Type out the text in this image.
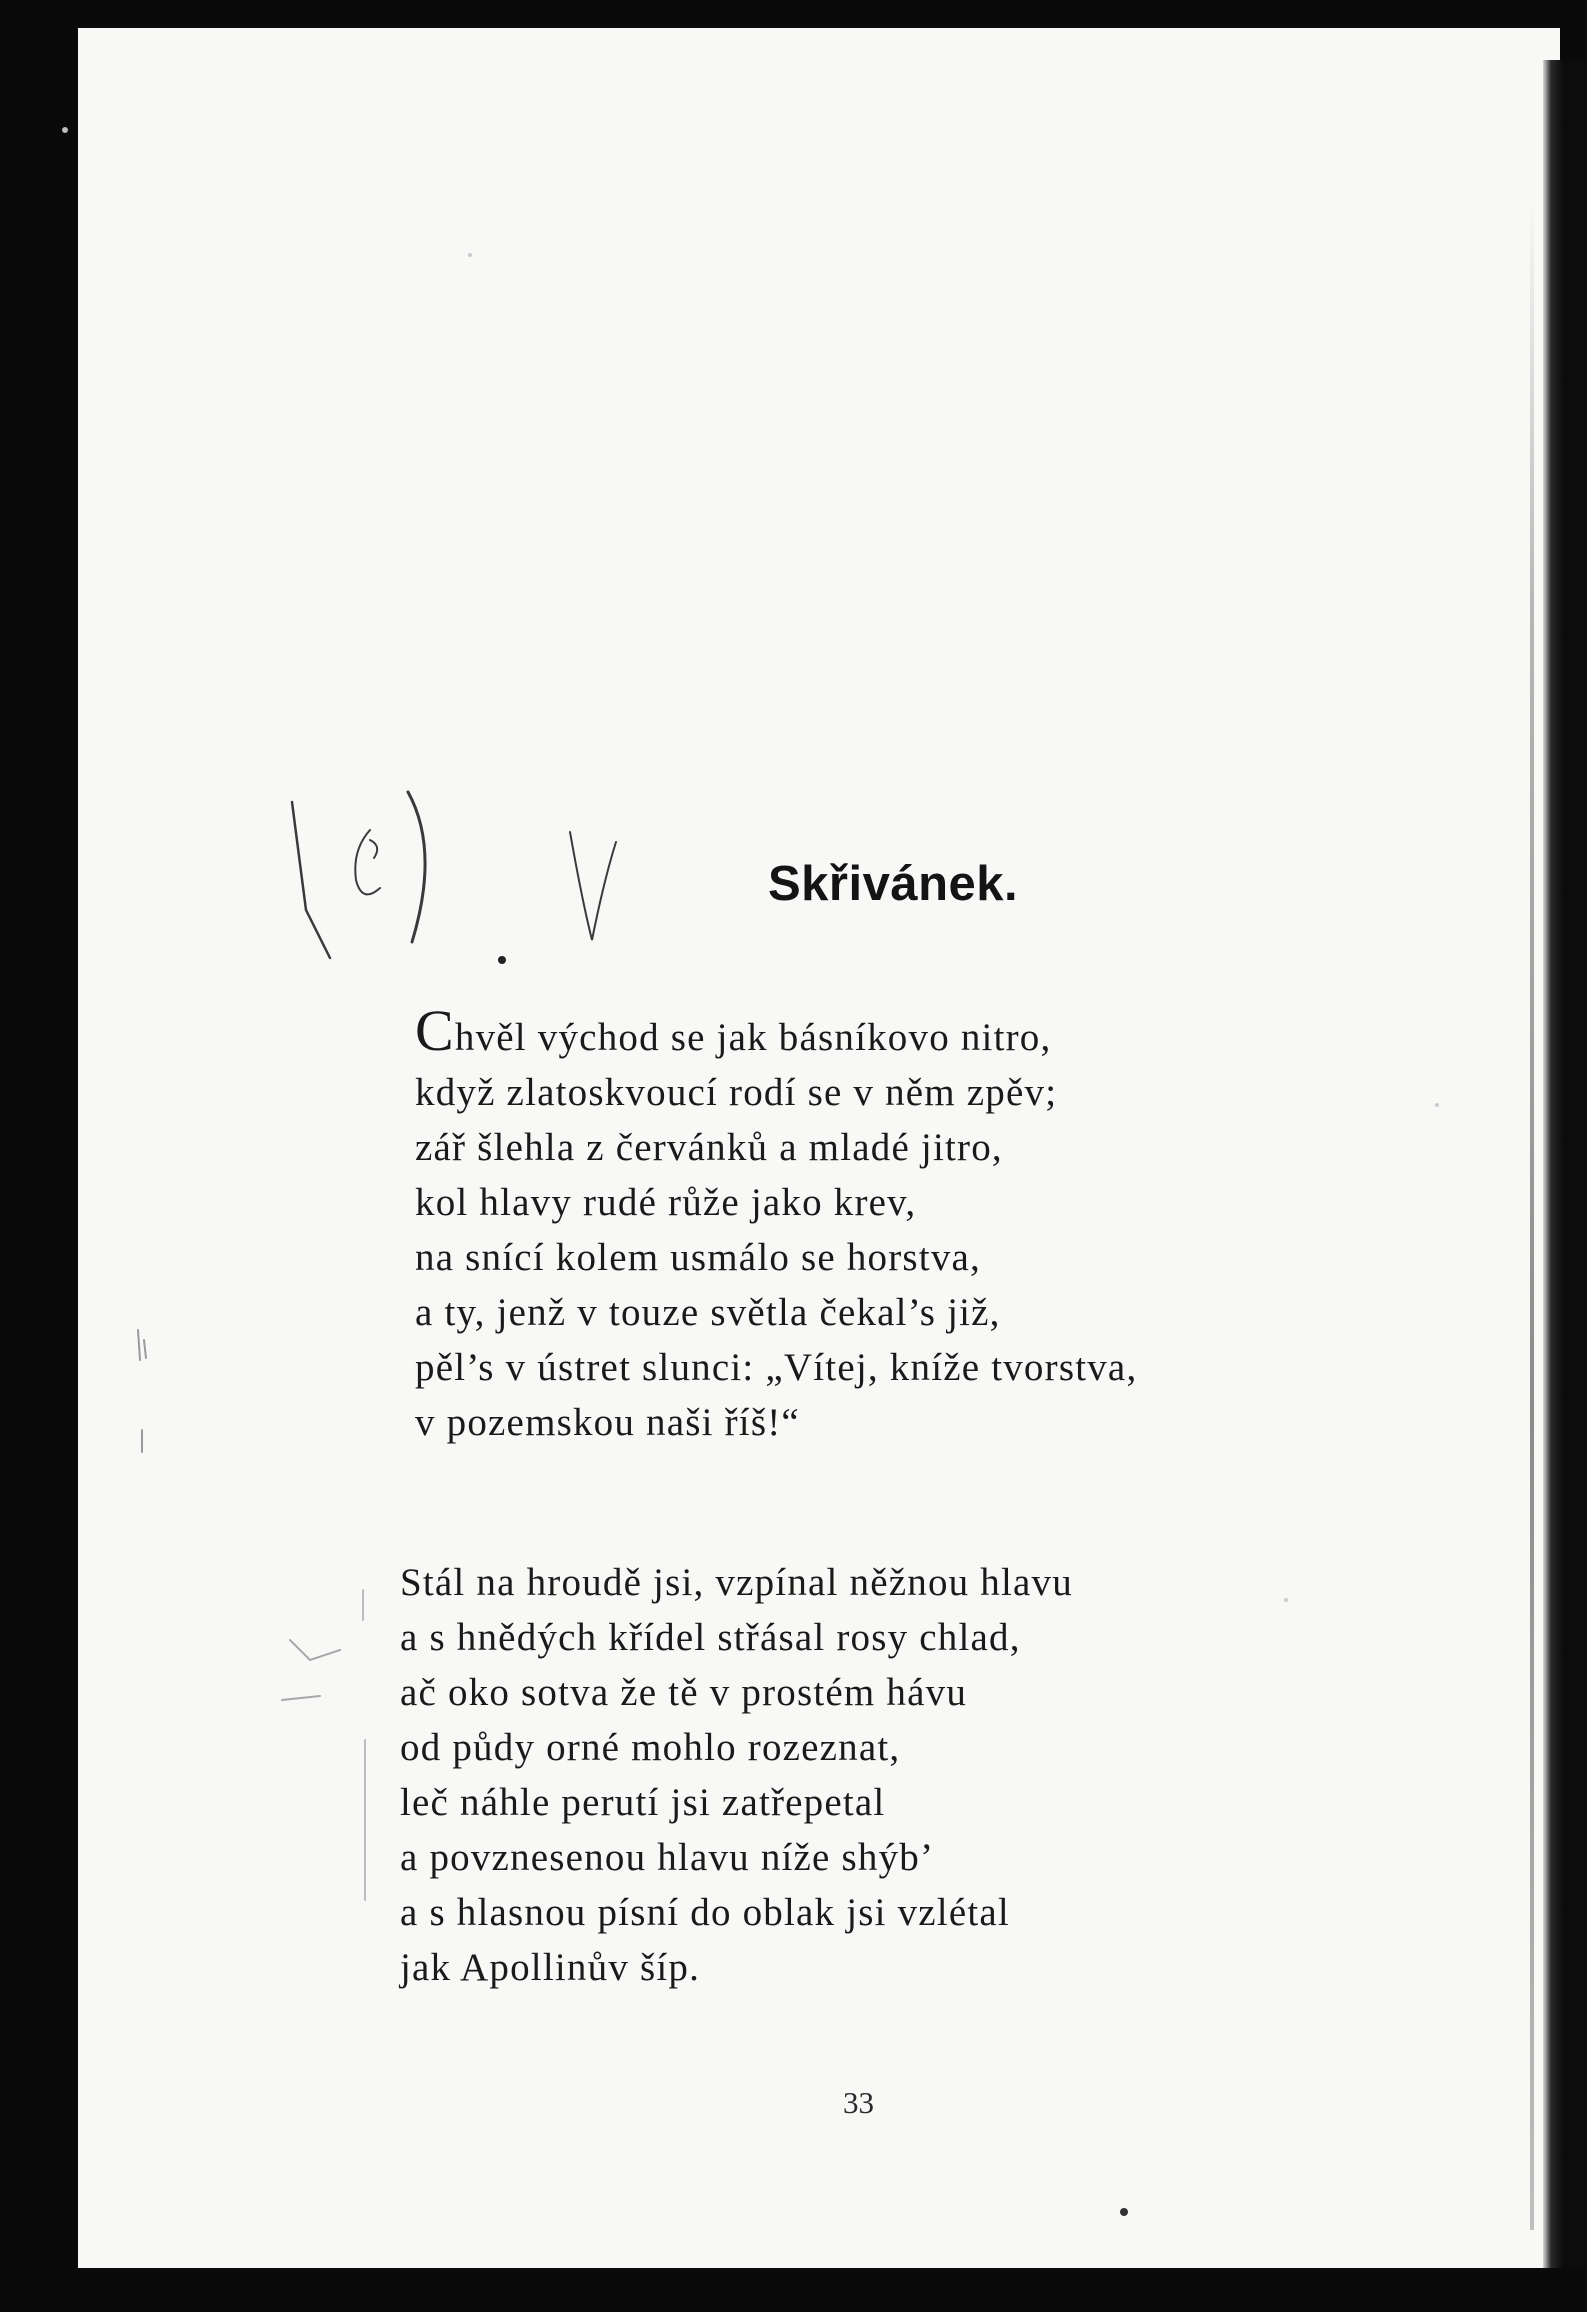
Skřivánek.
Chvěl východ se jak básníkovo nitro,
když zlatoskvoucí rodí se v něm zpěv;
zář šlehla z červánků a mladé jitro,
kol hlavy rudé růže jako krev,
na snící kolem usmálo se horstva,
a ty, jenž v touze světla čekal’s již,
pěl’s v ústret slunci: „Vítej, kníže tvorstva,
v pozemskou naši říš!“
Stál na hroudě jsi, vzpínal něžnou hlavu
a s hnědých křídel střásal rosy chlad,
ač oko sotva že tě v prostém hávu
od půdy orné mohlo rozeznat,
leč náhle perutí jsi zatřepetal
a povznesenou hlavu níže shýb’
a s hlasnou písní do oblak jsi vzlétal
jak Apollinův šíp.
33
